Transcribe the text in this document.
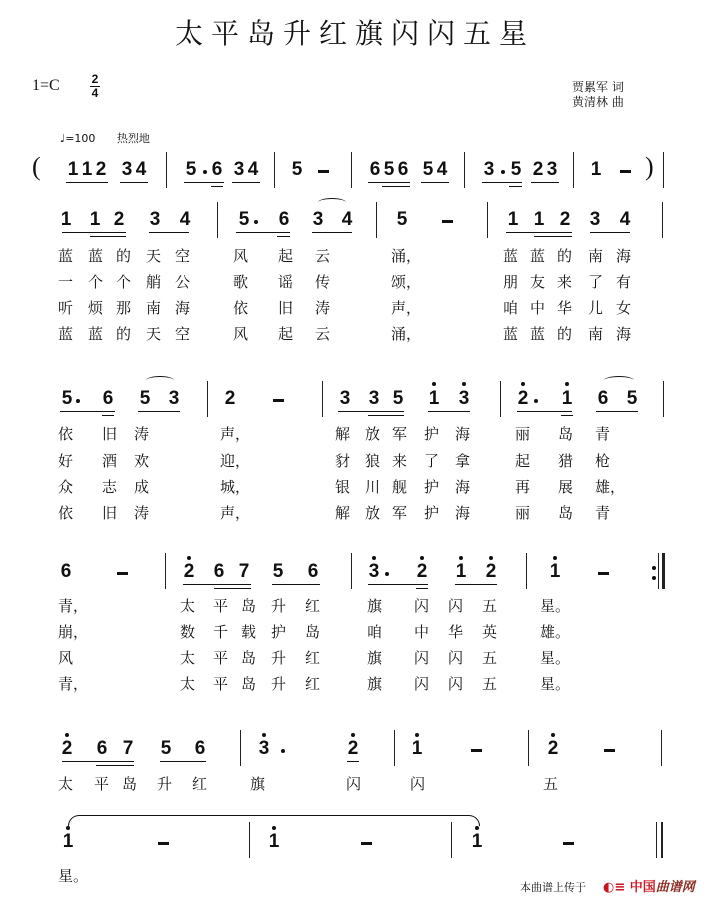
太平岛升红旗闪闪五星
1=C	2
4	贾累军 词
黄清林 曲
♩=100 热烈地
( 1 1 2 3 4 5 6 3 4 5	6 5 6 5 4 3 5 2 3 1 )
1 1 2 3 4	5 6 3 4 5	1 1 2 3 4
蓝 蓝 的 天 空	风 起 云	涌，	蓝 蓝 的 南 海
一 个 个 艄 公	歌 谣 传	颂，	朋 友 来 了 有
听 烦 那 南 海	依 旧 涛	声，	咱 中 华 儿 女
蓝 蓝 的 天 空	风 起 云	涌，	蓝 蓝 的 南 海
5 6 5 3 2	3 3 5 1 3	2 1 6 5
依 旧 涛	声，	解 放 军 护 海	丽 岛 青
好 酒 欢	迎，	豺 狼 来 了 拿	起 猎 枪
众 志 成	城，	银 川 舰 护 海	再 展 雄，
依 旧 涛	声，	解 放 军 护 海	丽 岛 青
6	2 6 7 5 6	3 2 1 2	1
青，	太 平 岛 升 红	旗 闪 闪 五	星。
崩，	数 千 载 护 岛	咱 中 华 英	雄。
风	太 平 岛 升 红	旗 闪 闪 五	星。
青，	太 平 岛 升 红	旗 闪 闪 五	星。
2 6 7 5 6	3	2	1	2
太 平 岛 升 红	旗	闪	闪	五
1	1	1
星。
本曲谱上传于 ◐≡ 中国曲谱网
